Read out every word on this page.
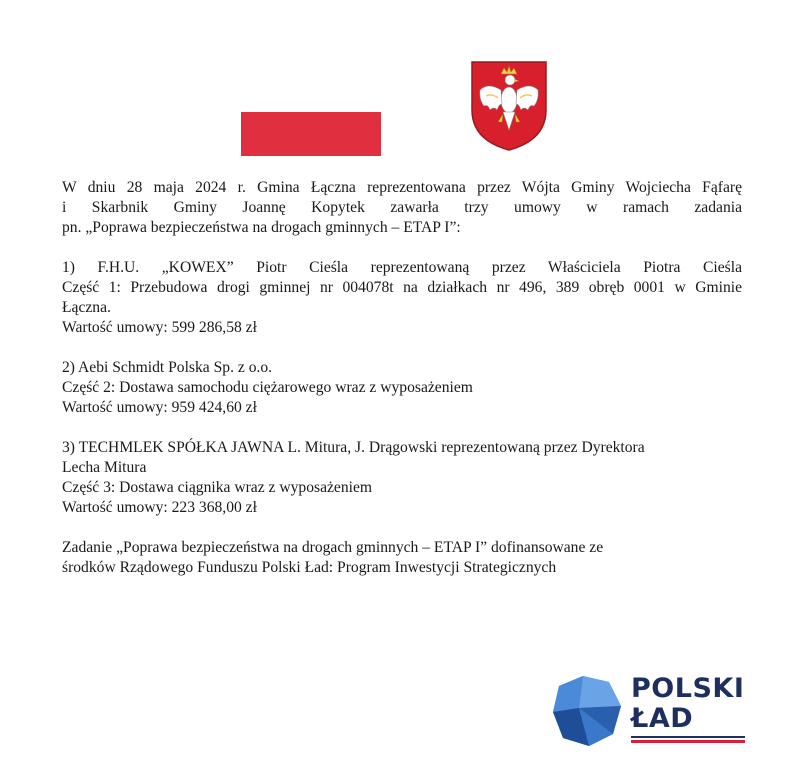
W dniu 28 maja 2024 r. Gmina Łączna reprezentowana przez Wójta Gminy Wojciecha Fąfarę

i Skarbnik Gminy Joannę Kopytek zawarła trzy umowy w ramach zadania

pn. „Poprawa bezpieczeństwa na drogach gminnych – ETAP I”:

1) F.H.U. „KOWEX” Piotr Cieśla reprezentowaną przez Właściciela Piotra Cieśla

Część 1: Przebudowa drogi gminnej nr 004078t na działkach nr 496, 389 obręb 0001 w Gminie

Łączna.

Wartość umowy: 599 286,58 zł

2) Aebi Schmidt Polska Sp. z o.o.

Część 2: Dostawa samochodu ciężarowego wraz z wyposażeniem

Wartość umowy: 959 424,60 zł

3) TECHMLEK SPÓŁKA JAWNA L. Mitura, J. Drągowski reprezentowaną przez Dyrektora

Lecha Mitura

Część 3: Dostawa ciągnika wraz z wyposażeniem

Wartość umowy: 223 368,00 zł

Zadanie „Poprawa bezpieczeństwa na drogach gminnych – ETAP I” dofinansowane ze

środków Rządowego Funduszu Polski Ład: Program Inwestycji Strategicznych

POLSKI
ŁAD
